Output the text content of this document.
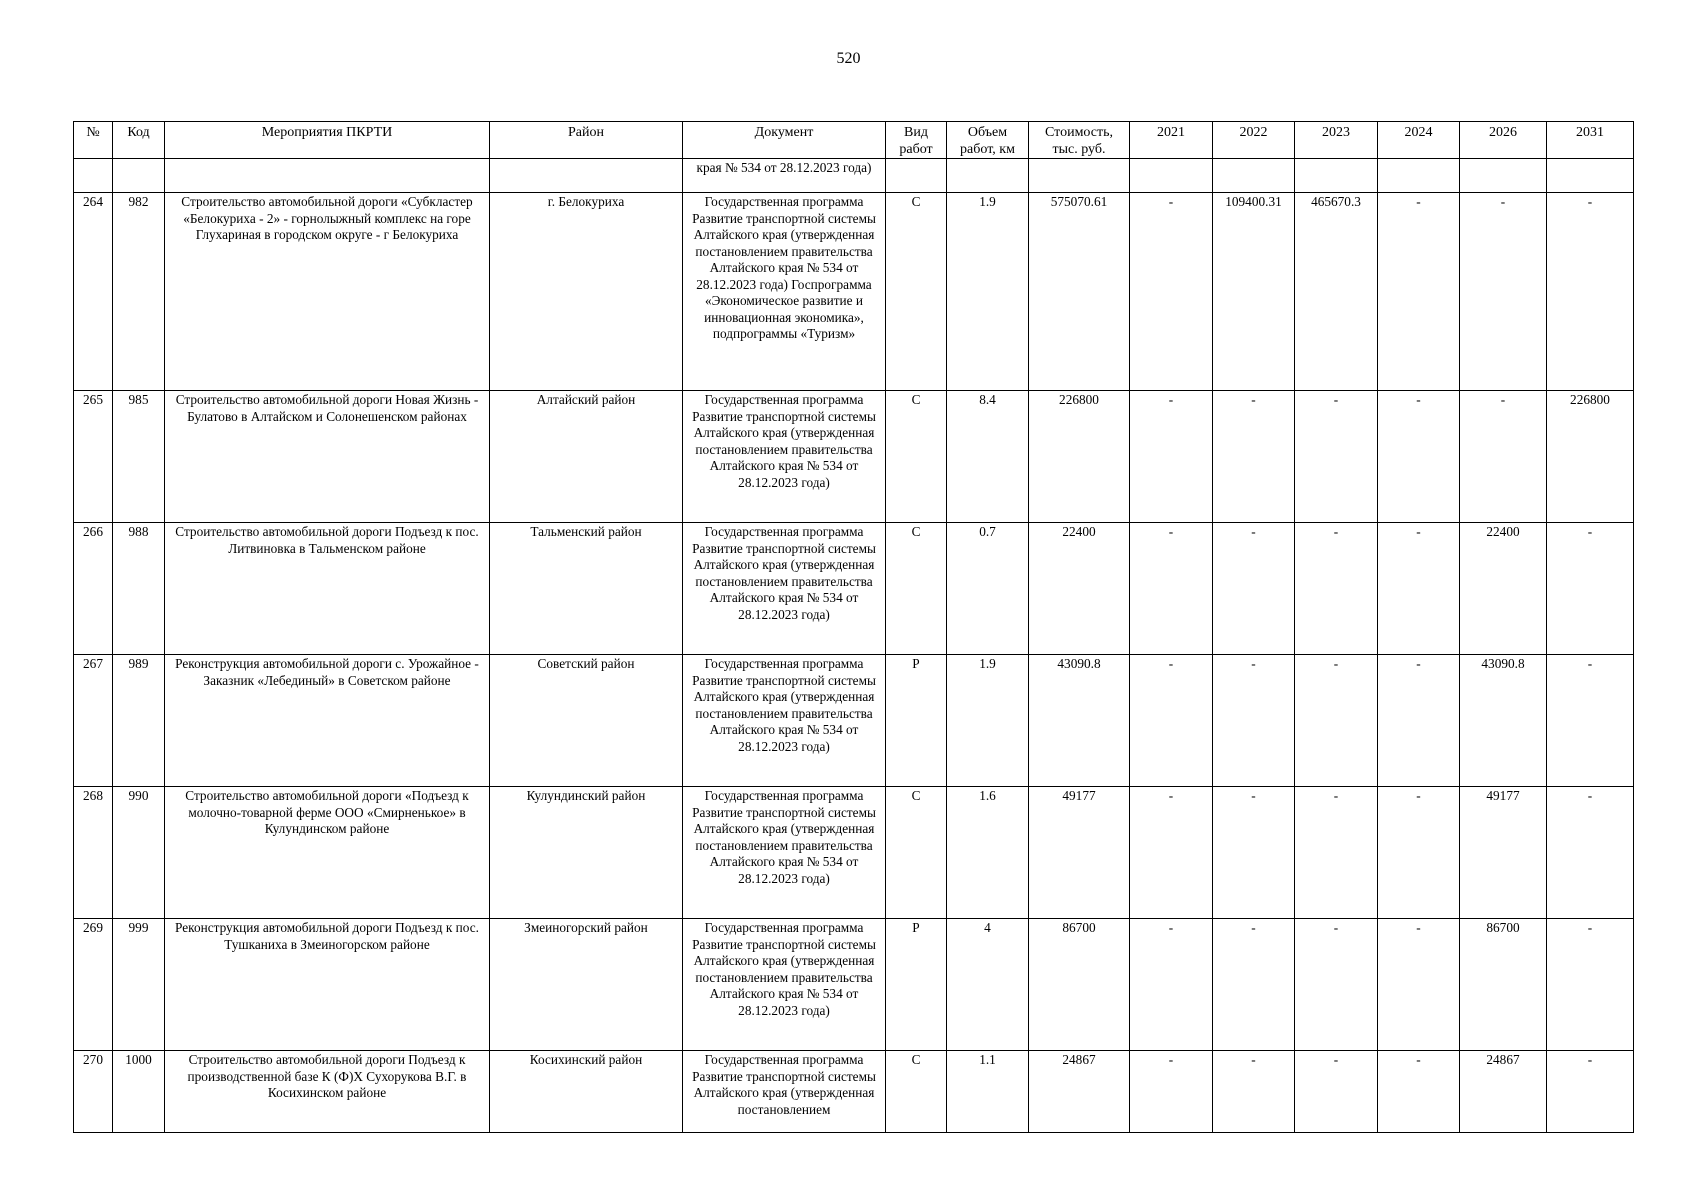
520
№	Код	Мероприятия ПКРТИ	Район	Документ	Вид работ	Объем работ, км	Стоимость, тыс. руб.	2021	2022	2023	2024	2026	2031
				края № 534 от 28.12.2023 года)									
264	982	Строительство автомобильной дороги «Субкластер «Белокуриха - 2» - горнолыжный комплекс на горе Глухариная в городском округе - г Белокуриха	г. Белокуриха	Государственная программа Развитие транспортной системы Алтайского края (утвержденная постановлением правительства Алтайского края № 534 от 28.12.2023 года) Госпрограмма «Экономическое развитие и инновационная экономика», подпрограммы «Туризм»	С	1.9	575070.61	-	109400.31	465670.3	-	-	-
265	985	Строительство автомобильной дороги Новая Жизнь - Булатово в Алтайском и Солонешенском районах	Алтайский район	Государственная программа Развитие транспортной системы Алтайского края (утвержденная постановлением правительства Алтайского края № 534 от 28.12.2023 года)	С	8.4	226800	-	-	-	-	-	226800
266	988	Строительство автомобильной дороги Подъезд к пос. Литвиновка в Тальменском районе	Тальменский район	Государственная программа Развитие транспортной системы Алтайского края (утвержденная постановлением правительства Алтайского края № 534 от 28.12.2023 года)	С	0.7	22400	-	-	-	-	22400	-
267	989	Реконструкция автомобильной дороги с. Урожайное - Заказник «Лебединый» в Советском районе	Советский район	Государственная программа Развитие транспортной системы Алтайского края (утвержденная постановлением правительства Алтайского края № 534 от 28.12.2023 года)	Р	1.9	43090.8	-	-	-	-	43090.8	-
268	990	Строительство автомобильной дороги «Подъезд к молочно-товарной ферме ООО «Смирненькое» в Кулундинском районе	Кулундинский район	Государственная программа Развитие транспортной системы Алтайского края (утвержденная постановлением правительства Алтайского края № 534 от 28.12.2023 года)	С	1.6	49177	-	-	-	-	49177	-
269	999	Реконструкция автомобильной дороги Подъезд к пос. Тушканиха в Змеиногорском районе	Змеиногорский район	Государственная программа Развитие транспортной системы Алтайского края (утвержденная постановлением правительства Алтайского края № 534 от 28.12.2023 года)	Р	4	86700	-	-	-	-	86700	-
270	1000	Строительство автомобильной дороги Подъезд к производственной базе К (Ф)Х Сухорукова В.Г. в Косихинском районе	Косихинский район	Государственная программа Развитие транспортной системы Алтайского края (утвержденная постановлением	С	1.1	24867	-	-	-	-	24867	-
